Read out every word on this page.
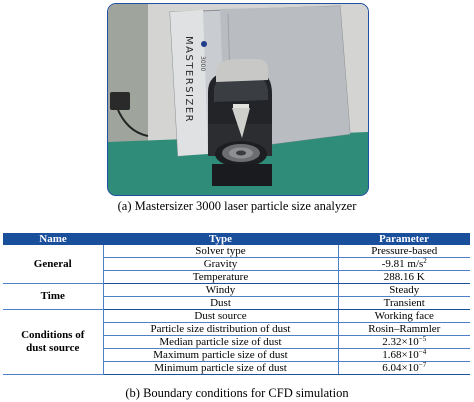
MASTERSIZER 3000
(a) Mastersizer 3000 laser particle size analyzer
Name	Type	Parameter
General	Solver type	Pressure-based
	Gravity	-9.81 $m/s^2$
	Temperature	288.16 K
Time	Windy	Steady
	Dust	Transient
Conditions of
dust source	Dust source	Working face
	Particle size distribution of dust	Rosin–Rammler
	Median particle size of dust	$2.32\times 10^{-5}$
	Maximum particle size of dust	$1.68\times 10^{-4}$
	Minimum particle size of dust	$6.04\times 10^{-7}$
(b) Boundary conditions for CFD simulation
